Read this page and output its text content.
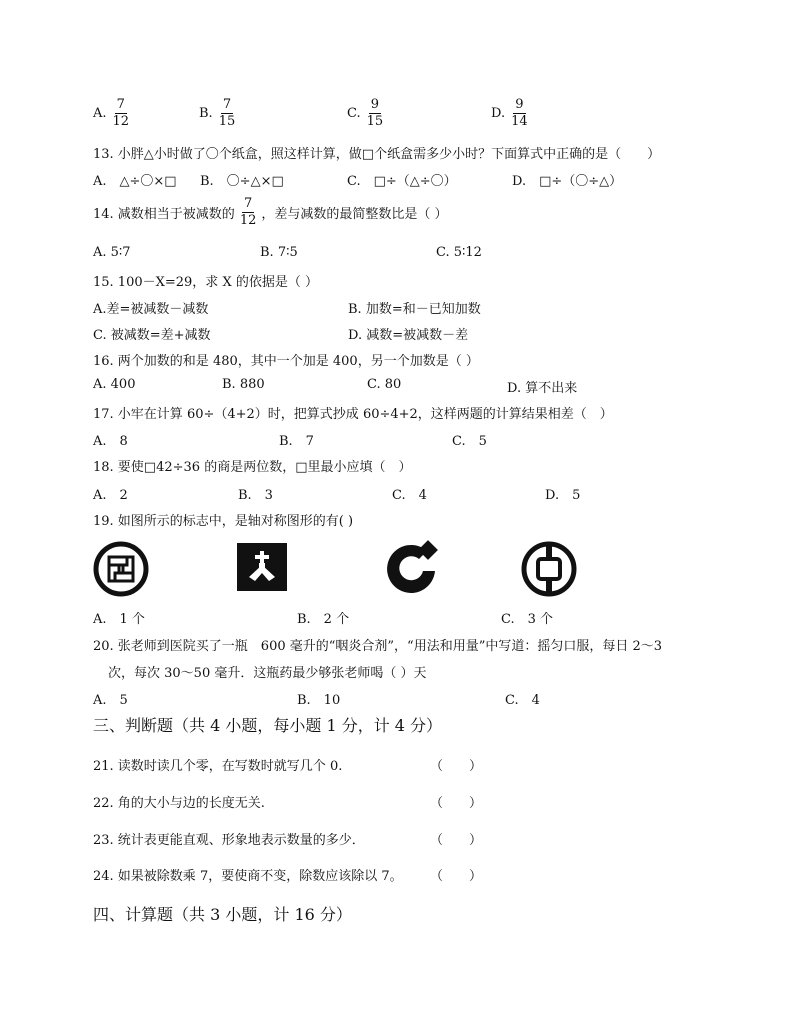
A. $\frac{7}{12}$	B. $\frac{7}{15}$	C. $\frac{9}{15}$	D. $\frac{9}{14}$
13. 小胖△小时做了〇个纸盒，照这样计算，做□个纸盒需多少小时？下面算式中正确的是（　　）
A.　△÷〇×□ B.　〇÷△×□	C.　□÷（△÷〇）	D.　□÷（〇÷△）
14. 减数相当于被减数的 $\frac{7}{12}$ ，差与减数的最简整数比是（ ）
A. 5∶7	B. 7∶5	C. 5∶12
15. 100－X=29，求 X 的依据是（ ）
A.差=被减数－减数	B. 加数=和－已知加数
C. 被减数=差+减数	D. 减数=被减数－差
16. 两个加数的和是 480，其中一个加是 400，另一个加数是（ ）
A. 400	B. 880	C. 80	D. 算不出来
17. 小牢在计算 60÷（4+2）时，把算式抄成 60÷4+2，这样两题的计算结果相差（　）
A.　8	B.　7	C.　5
18. 要使□42÷36 的商是两位数，□里最小应填（　）
A.　2	B.　3	C.　4	D.　5
19. 如图所示的标志中，是轴对称图形的有( )
A.　1 个	B.　2 个	C.　3 个
20. 张老师到医院买了一瓶　600 毫升的“咽炎合剂”，“用法和用量”中写道：摇匀口服，每日 2～3
次，每次 30～50 毫升．这瓶药最少够张老师喝（ ）天
A.　5	B.　10	C.　4
三、判断题（共 4 小题，每小题 1 分，计 4 分）
21. 读数时读几个零，在写数时就写几个 0.	（　　）
22. 角的大小与边的长度无关.	（　　）
23. 统计表更能直观、形象地表示数量的多少．	（　　）
24. 如果被除数乘 7，要使商不变，除数应该除以 7。 （　　）
四、计算题（共 3 小题，计 16 分）
